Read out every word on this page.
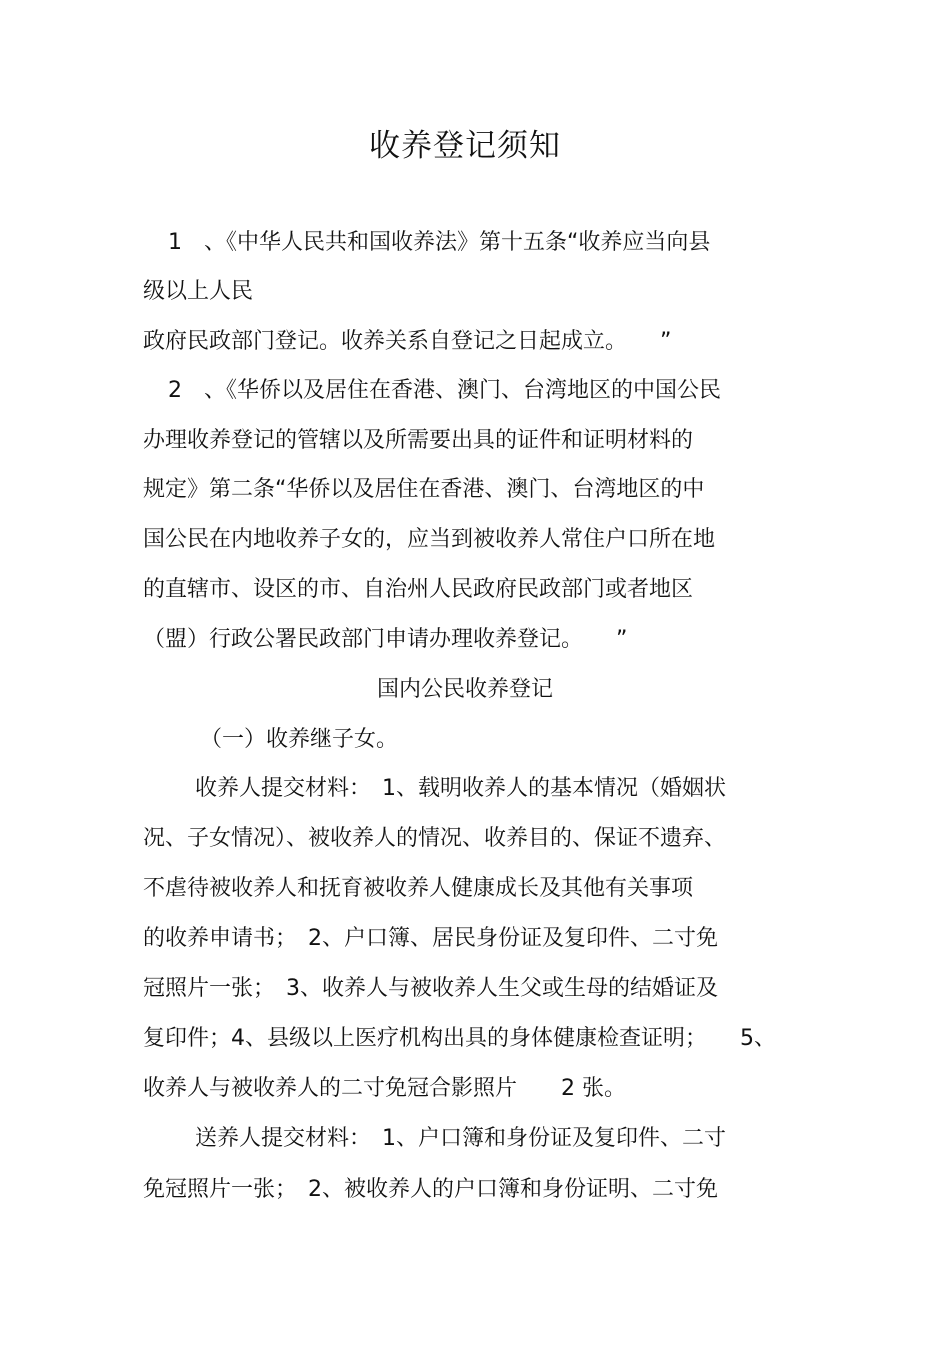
收养登记须知
1　、《中华人民共和国收养法》第十五条“收养应当向县
级以上人民
政府民政部门登记。收养关系自登记之日起成立。　　”
2　、《华侨以及居住在香港、澳门、台湾地区的中国公民
办理收养登记的管辖以及所需要出具的证件和证明材料的
规定》第二条“华侨以及居住在香港、澳门、台湾地区的中
国公民在内地收养子女的，应当到被收养人常住户口所在地
的直辖市、设区的市、自治州人民政府民政部门或者地区
（盟）行政公署民政部门申请办理收养登记。　　”
国内公民收养登记
（一）收养继子女。
收养人提交材料：　1、载明收养人的基本情况（婚姻状
况、子女情况）、被收养人的情况、收养目的、保证不遗弃、
不虐待被收养人和抚育被收养人健康成长及其他有关事项
的收养申请书；　2、户口簿、居民身份证及复印件、二寸免
冠照片一张；　3、收养人与被收养人生父或生母的结婚证及
复印件；4、县级以上医疗机构出具的身体健康检查证明；　　5、
收养人与被收养人的二寸免冠合影照片　　2 张。
送养人提交材料：　1、户口簿和身份证及复印件、二寸
免冠照片一张；　2、被收养人的户口簿和身份证明、二寸免
